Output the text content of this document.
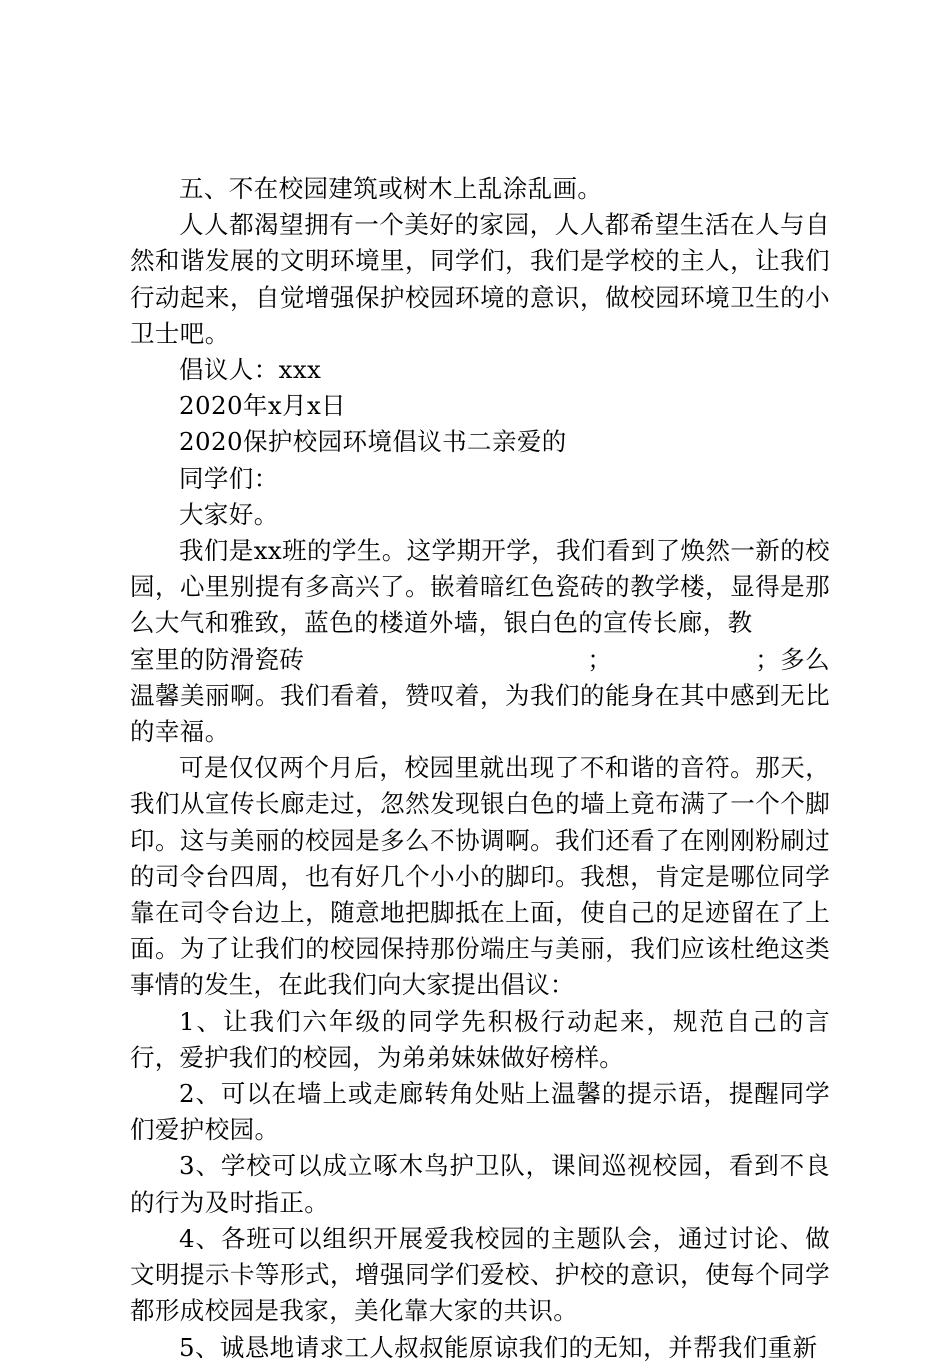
五、不在校园建筑或树木上乱涂乱画。

人人都渴望拥有一个美好的家园，人人都希望生活在人与自然和谐发展的文明环境里，同学们，我们是学校的主人，让我们行动起来，自觉增强保护校园环境的意识，做校园环境卫生的小卫士吧。

倡议人：xxx

2020年x月x日

2020保护校园环境倡议书二亲爱的

同学们：

大家好。

我们是xx班的学生。这学期开学，我们看到了焕然一新的校园，心里别提有多高兴了。嵌着暗红色瓷砖的教学楼，显得是那么大气和雅致，蓝色的楼道外墙，银白色的宣传长廊，教

室里的防滑瓷砖	；	；多么

温馨美丽啊。我们看着，赞叹着，为我们的能身在其中感到无比的幸福。

可是仅仅两个月后，校园里就出现了不和谐的音符。那天，我们从宣传长廊走过，忽然发现银白色的墙上竟布满了一个个脚印。这与美丽的校园是多么不协调啊。我们还看了在刚刚粉刷过的司令台四周，也有好几个小小的脚印。我想，肯定是哪位同学靠在司令台边上，随意地把脚抵在上面，使自己的足迹留在了上面。为了让我们的校园保持那份端庄与美丽，我们应该杜绝这类事情的发生，在此我们向大家提出倡议：

1、让我们六年级的同学先积极行动起来，规范自己的言行，爱护我们的校园，为弟弟妹妹做好榜样。

2、可以在墙上或走廊转角处贴上温馨的提示语，提醒同学们爱护校园。

3、学校可以成立啄木鸟护卫队，课间巡视校园，看到不良的行为及时指正。

4、各班可以组织开展爱我校园的主题队会，通过讨论、做文明提示卡等形式，增强同学们爱校、护校的意识，使每个同学都形成校园是我家，美化靠大家的共识。

5、诚恳地请求工人叔叔能原谅我们的无知，并帮我们重新
